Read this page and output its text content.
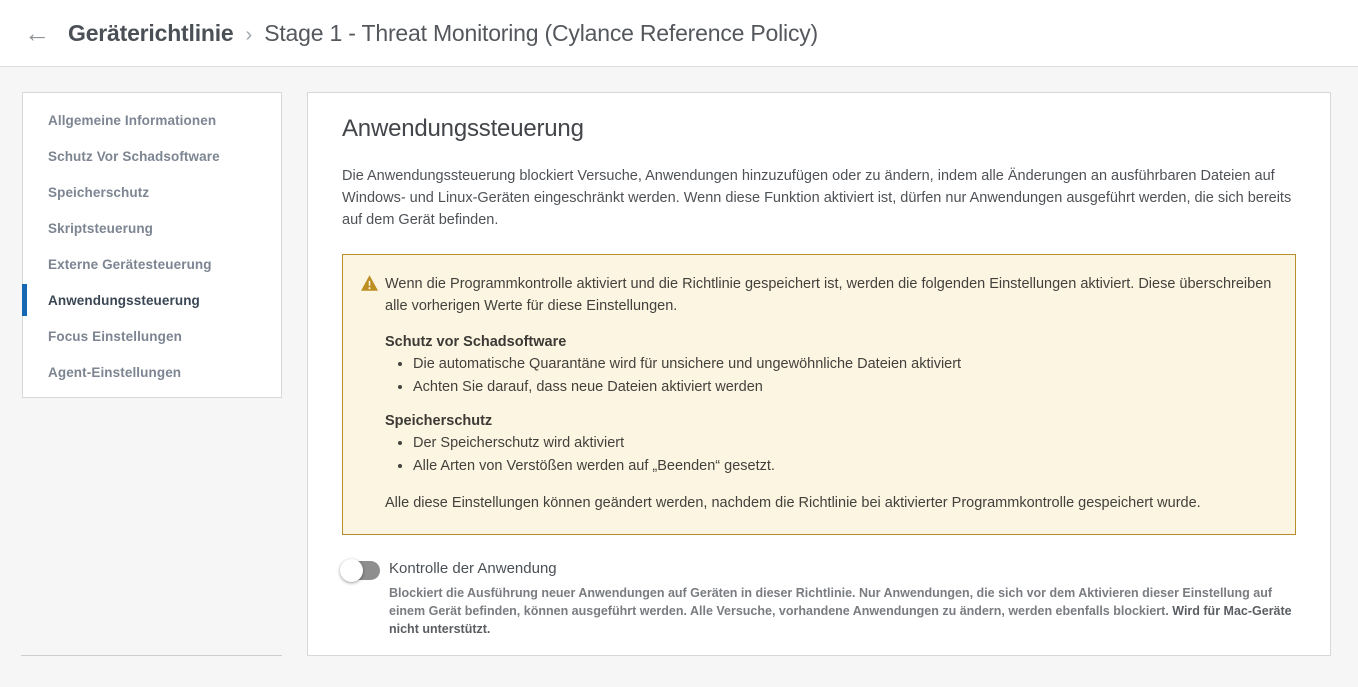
← Geräterichtlinie › Stage 1 - Threat Monitoring (Cylance Reference Policy)
Allgemeine Informationen
Schutz Vor Schadsoftware
Speicherschutz
Skriptsteuerung
Externe Gerätesteuerung
Anwendungssteuerung
Focus Einstellungen
Agent-Einstellungen
Anwendungssteuerung

Die Anwendungssteuerung blockiert Versuche, Anwendungen hinzuzufügen oder zu ändern, indem alle Änderungen an ausführbaren Dateien auf Windows- und Linux-Geräten eingeschränkt werden. Wenn diese Funktion aktiviert ist, dürfen nur Anwendungen ausgeführt werden, die sich bereits auf dem Gerät befinden.

Wenn die Programmkontrolle aktiviert und die Richtlinie gespeichert ist, werden die folgenden Einstellungen aktiviert. Diese überschreiben alle vorherigen Werte für diese Einstellungen.
Schutz vor Schadsoftware
• Die automatische Quarantäne wird für unsichere und ungewöhnliche Dateien aktiviert
• Achten Sie darauf, dass neue Dateien aktiviert werden
Speicherschutz
• Der Speicherschutz wird aktiviert
• Alle Arten von Verstößen werden auf „Beenden“ gesetzt.
Alle diese Einstellungen können geändert werden, nachdem die Richtlinie bei aktivierter Programmkontrolle gespeichert wurde.
Kontrolle der Anwendung
Blockiert die Ausführung neuer Anwendungen auf Geräten in dieser Richtlinie. Nur Anwendungen, die sich vor dem Aktivieren dieser Einstellung auf einem Gerät befinden, können ausgeführt werden. Alle Versuche, vorhandene Anwendungen zu ändern, werden ebenfalls blockiert. Wird für Mac-Geräte nicht unterstützt.
